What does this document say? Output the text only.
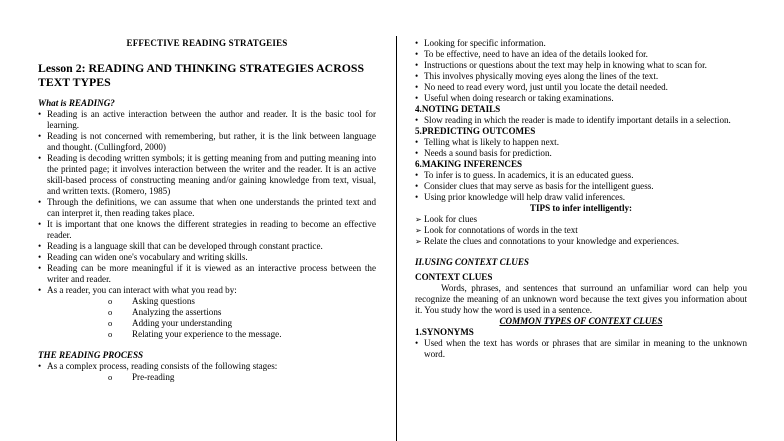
EFFECTIVE READING STRATGEIES
Lesson 2: READING AND THINKING STRATEGIES ACROSS TEXT TYPES
What is READING?
• Reading is an active interaction between the author and reader. It is the basic tool for learning.
• Reading is not concerned with remembering, but rather, it is the link between language and thought. (Cullingford, 2000)
• Reading is decoding written symbols; it is getting meaning from and putting meaning into the printed page; it involves interaction between the writer and the reader. It is an active skill-based process of constructing meaning and/or gaining knowledge from text, visual, and written texts. (Romero, 1985)
• Through the definitions, we can assume that when one understands the printed text and can interpret it, then reading takes place.
• It is important that one knows the different strategies in reading to become an effective reader.
• Reading is a language skill that can be developed through constant practice.
• Reading can widen one's vocabulary and writing skills.
• Reading can be more meaningful if it is viewed as an interactive process between the writer and reader.
• As a reader, you can interact with what you read by:
o Asking questions
o Analyzing the assertions
o Adding your understanding
o Relating your experience to the message.
THE READING PROCESS
• As a complex process, reading consists of the following stages:
o Pre-reading
• Looking for specific information.
• To be effective, need to have an idea of the details looked for.
• Instructions or questions about the text may help in knowing what to scan for.
• This involves physically moving eyes along the lines of the text.
• No need to read every word, just until you locate the detail needed.
• Useful when doing research or taking examinations.
4.NOTING DETAILS
• Slow reading in which the reader is made to identify important details in a selection.
5.PREDICTING OUTCOMES
• Telling what is likely to happen next.
• Needs a sound basis for prediction.
6.MAKING INFERENCES
• To infer is to guess. In academics, it is an educated guess.
• Consider clues that may serve as basis for the intelligent guess.
• Using prior knowledge will help draw valid inferences.
TIPS to infer intelligently:
➢ Look for clues
➢ Look for connotations of words in the text
➢ Relate the clues and connotations to your knowledge and experiences.
II.USING CONTEXT CLUES
CONTEXT CLUES
Words, phrases, and sentences that surround an unfamiliar word can help you recognize the meaning of an unknown word because the text gives you information about it. You study how the word is used in a sentence.
COMMON TYPES OF CONTEXT CLUES
1.SYNONYMS
• Used when the text has words or phrases that are similar in meaning to the unknown word.
